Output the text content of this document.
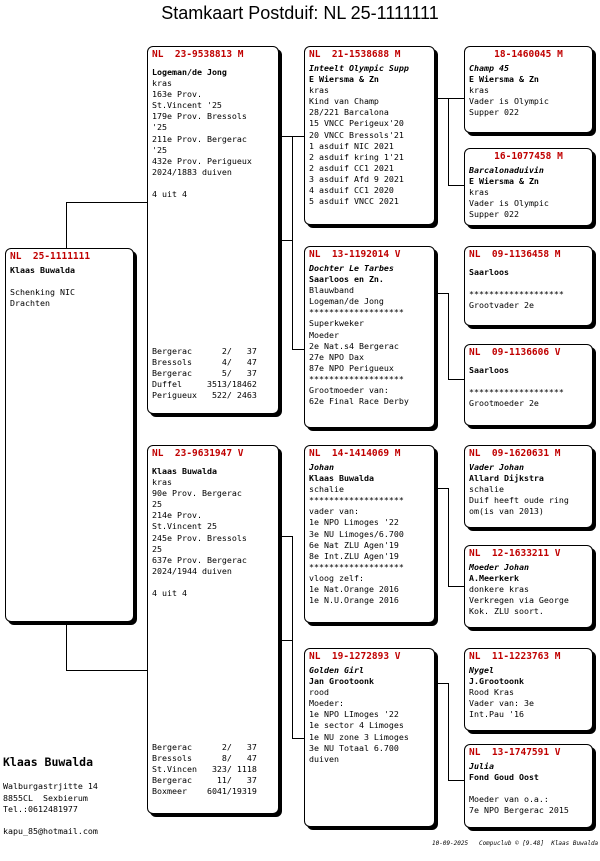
Stamkaart Postduif: NL 25-1111111
NL  25-1111111
Klaas Buwalda

Schenking NIC
Drachten
NL  23-9538813 M
Logeman/de Jong
kras
163e Prov.
St.Vincent '25
179e Prov. Bressols
'25
211e Prov. Bergerac
'25
432e Prov. Perigueux
2024/1883 duiven

4 uit 4
Bergerac      2/   37
Bressols      4/   47
Bergerac      5/   37
Duffel     3513/18462
Perigueux   522/ 2463
NL  23-9631947 V
Klaas Buwalda
kras
90e Prov. Bergerac
25
214e Prov.
St.Vincent 25
245e Prov. Bressols
25
637e Prov. Bergerac
2024/1944 duiven

4 uit 4
Bergerac      2/   37
Bressols      8/   47
St.Vincen   323/ 1118
Bergerac     11/   37
Boxmeer    6041/19319
NL  21-1538688 M
Inteelt Olympic Supp
E Wiersma & Zn
kras
Kind van Champ
28/221 Barcalona
15 VNCC Perigeux'20
20 VNCC Bressols'21
1 asduif NIC 2021
2 asduif kring 1'21
2 asduif CC1 2021
3 asduif Afd 9 2021
4 asduif CC1 2020
5 asduif VNCC 2021
NL  13-1192014 V
Dochter Le Tarbes
Saarloos en Zn.
Blauwband
Logeman/de Jong
*******************
Superkweker
Moeder
2e Nat.s4 Bergerac
27e NPO Dax
87e NPO Perigueux
*******************
Grootmoeder van:
62e Final Race Derby
NL  14-1414069 M
Johan
Klaas Buwalda
schalie
*******************
vader van:
1e NPO Limoges '22
3e NU Limoges/6.700
6e Nat ZLU Agen'19
8e Int.ZLU Agen'19
*******************
vloog zelf:
1e Nat.Orange 2016
1e N.U.Orange 2016
NL  19-1272893 V
Golden Girl
Jan Grootoonk
rood
Moeder:
1e NPO LImoges '22
1e sector 4 Limoges
1e NU zone 3 Limoges
3e NU Totaal 6.700
duiven
18-1460045 M
Champ 45
E Wiersma & Zn
kras
Vader is Olympic
Supper 022
16-1077458 M
Barcalonaduivin
E Wiersma & Zn
kras
Vader is Olympic
Supper 022
NL  09-1136458 M
Saarloos

*******************
Grootvader 2e
NL  09-1136606 V
Saarloos

*******************
Grootmoeder 2e
NL  09-1620631 M
Vader Johan
Allard Dijkstra
schalie
Duif heeft oude ring
om(is van 2013)
NL  12-1633211 V
Moeder Johan
A.Meerkerk
donkere kras
Verkregen via George
Kok. ZLU soort.
NL  11-1223763 M
Nygel
J.Grootoonk
Rood Kras
Vader van: 3e
Int.Pau '16
NL  13-1747591 V
Julia
Fond Goud Oost

Moeder van o.a.:
7e NPO Bergerac 2015

Klaas Buwalda

Walburgastrjitte 14
8855CL  Sexbierum
Tel.:0612481977

kapu_85@hotmail.com
10-09-2025   Compuclub © [9.48]  Klaas Buwalda
